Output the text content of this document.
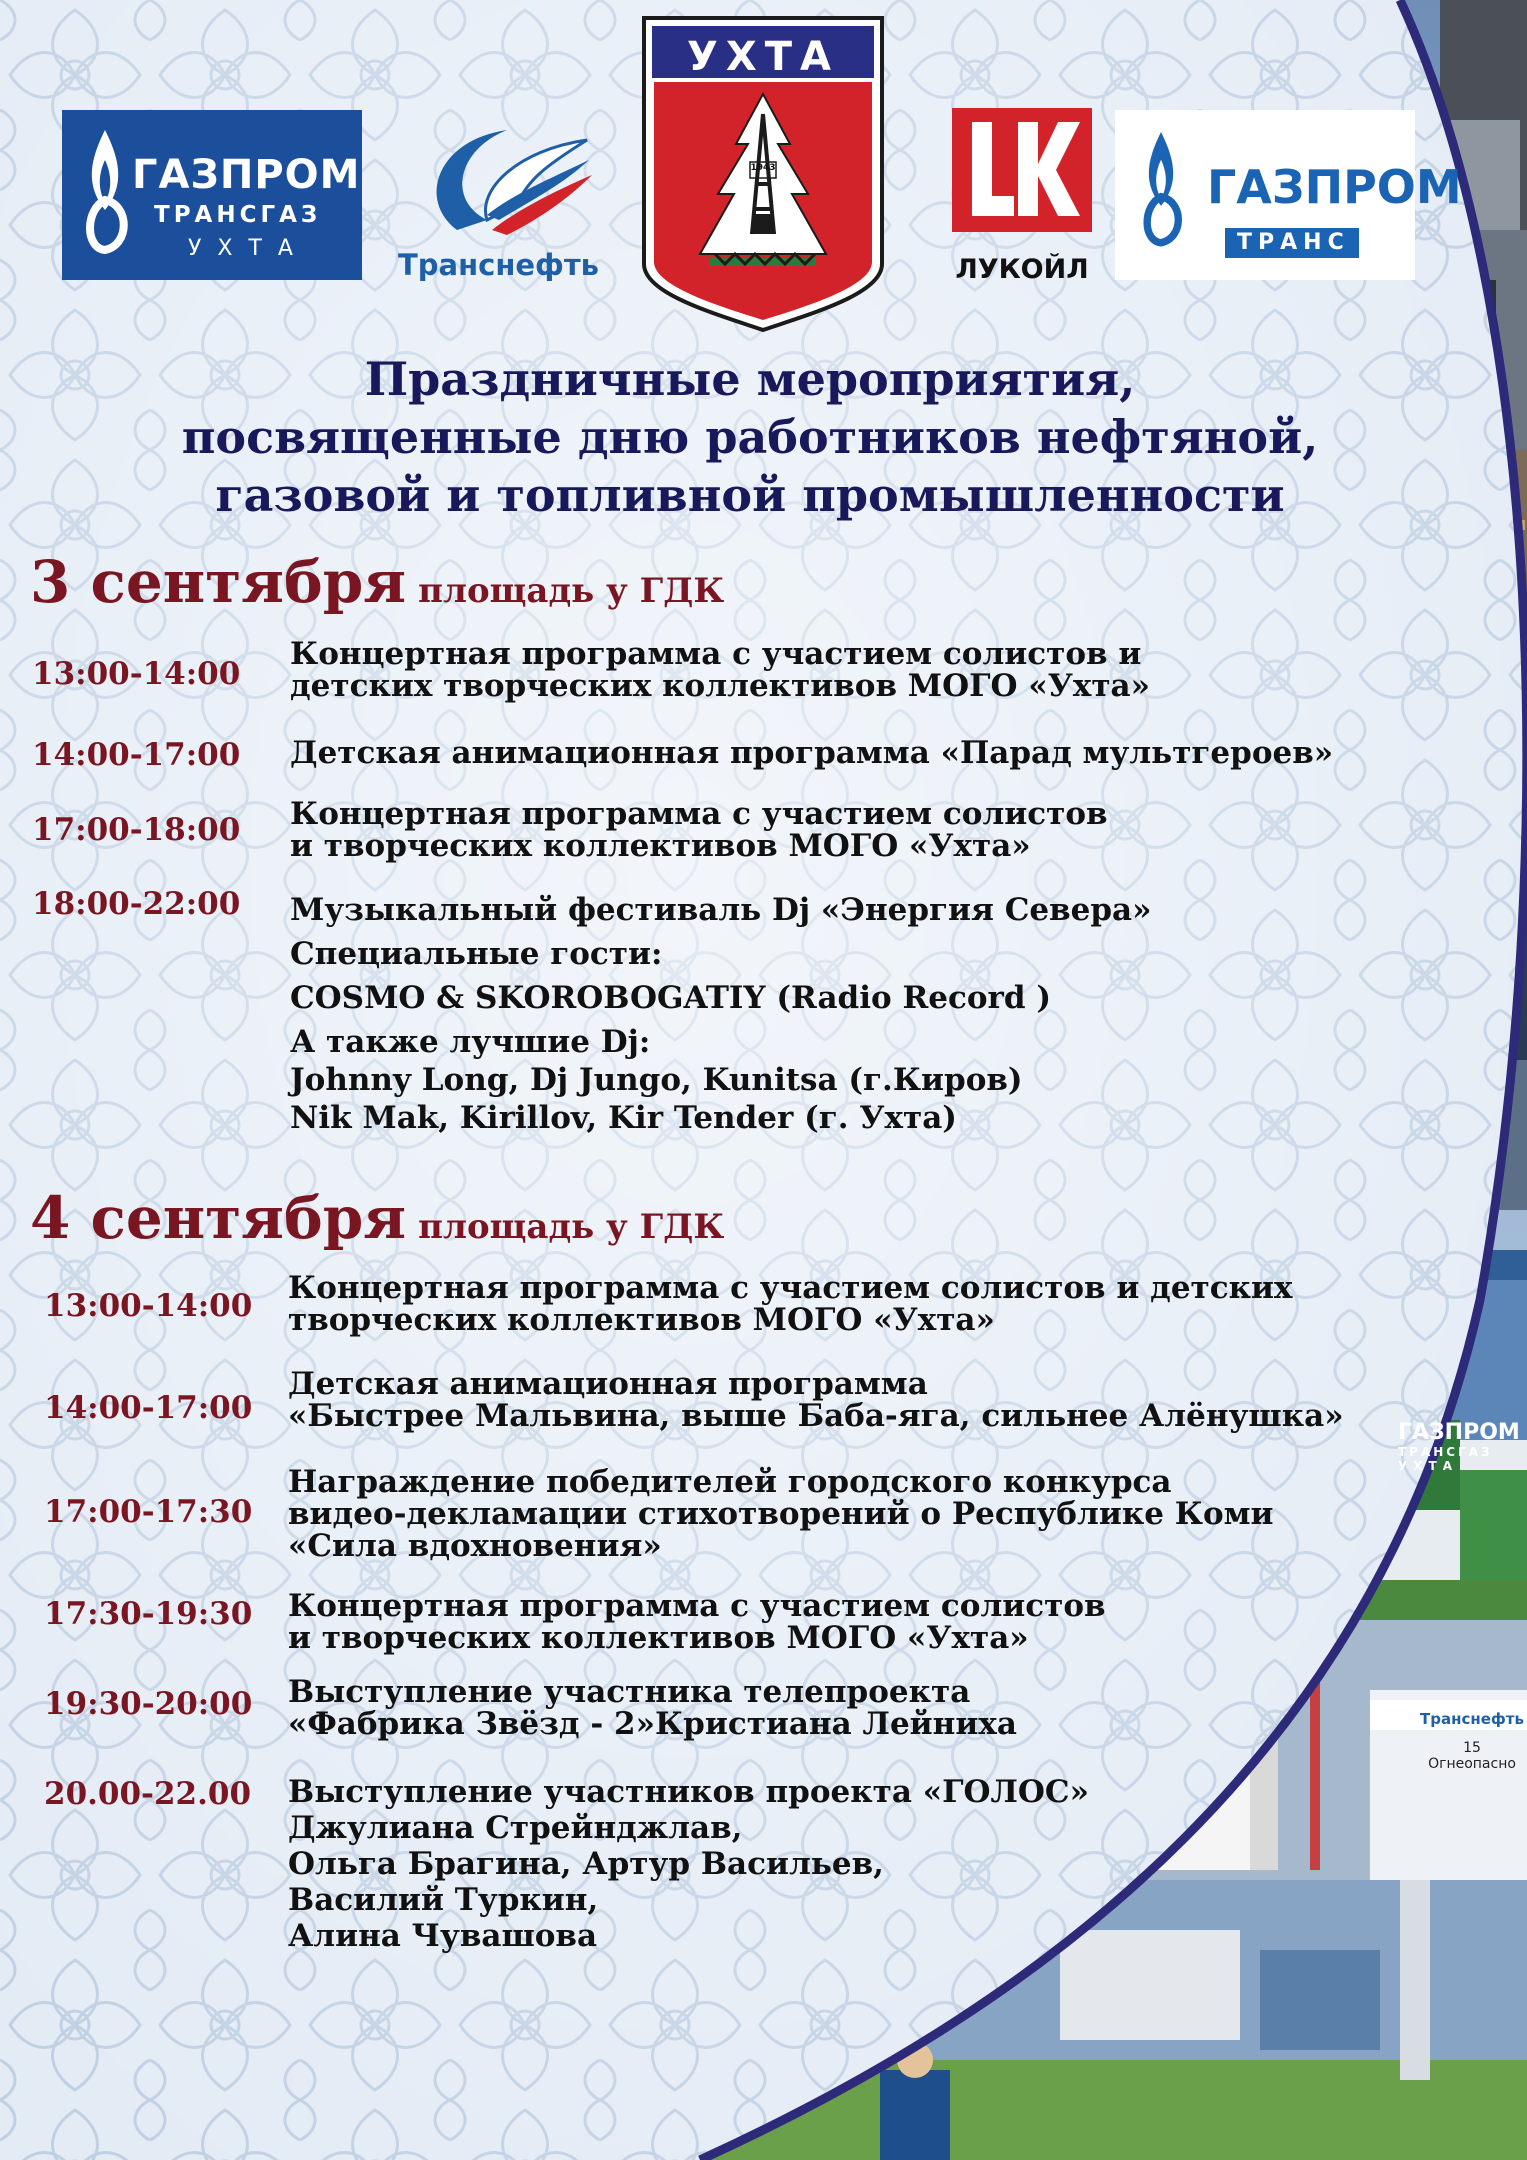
ГАЗПРОМ
ТРАНСГАЗ
УХТА	Транснефть
УХТА
1943
ЛУКОЙЛ
ГАЗПРОМ
ТРАНС
Праздничные мероприятия,
посвященные дню работников нефтяной,
газовой и топливной промышленности
3 сентября площадь у ГДК
13:00-14:00
Концертная программа с участием солистов и
детских творческих коллективов МОГО «Ухта»
14:00-17:00 Детская анимационная программа «Парад мультгероев»
17:00-18:00 Концертная программа с участием солистов
и творческих коллективов МОГО «Ухта»
18:00-22:00 Музыкальный фестиваль Dj «Энергия Севера»
Специальные гости:
COSMO & SKOROBOGATIY (Radio Record )
А также лучшие Dj:
Johnny Long, Dj Jungo, Kunitsa (г.Киров)
Nik Mak, Kirillov, Kir Tender (г. Ухта)
4 сентября площадь у ГДК
13:00-14:00 Концертная программа с участием солистов и детских
творческих коллективов МОГО «Ухта»
14:00-17:00
Детская анимационная программа
«Быстрее Мальвина, выше Баба-яга, сильнее Алёнушка»
17:00-17:30
Награждение победителей городского конкурса
видео-декламации стихотворений о Республике Коми
«Сила вдохновения»
17:30-19:30 Концертная программа с участием солистов
и творческих коллективов МОГО «Ухта»
19:30-20:00 Выступление участника телепроекта
«Фабрика Звёзд - 2»Кристиана Лейниха
20.00-22.00 Выступление участников проекта «ГОЛОС»
Джулиана Стрейнджлав,
Ольга Брагина, Артур Васильев,
Василий Туркин,
Алина Чувашова
ГАЗПРОМ
ТРАНСГАЗ
УХТА
Транснефть
15
Огнеопасно
